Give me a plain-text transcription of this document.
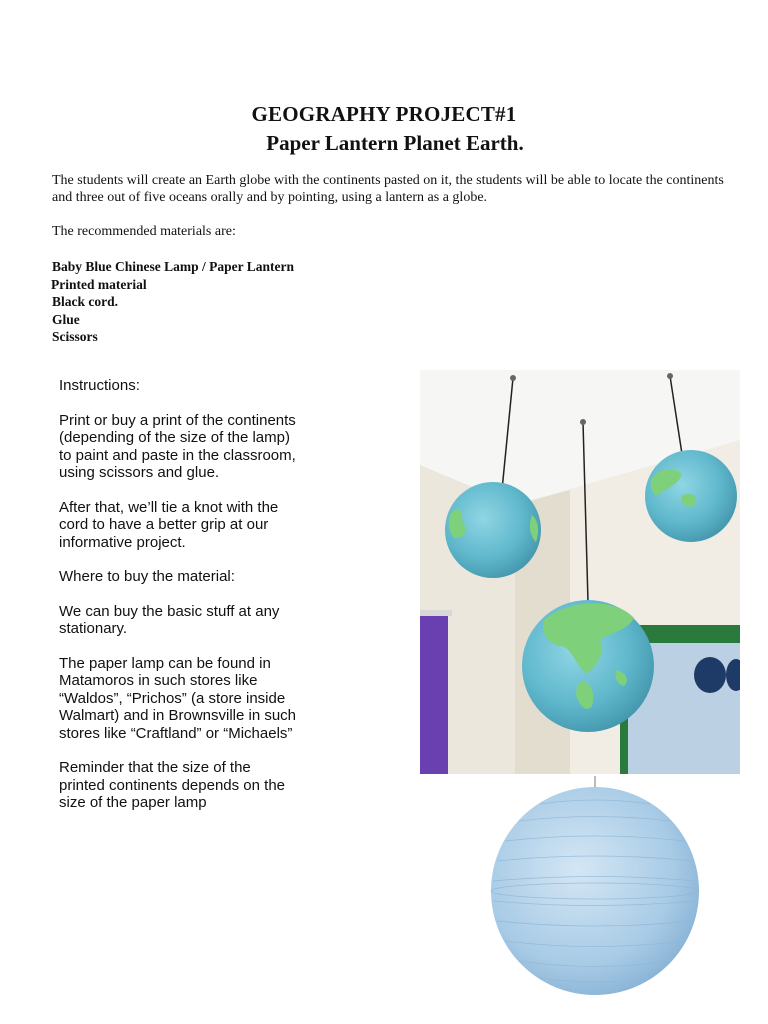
GEOGRAPHY PROJECT#1
Paper Lantern Planet Earth.
The students will create an Earth globe with the continents pasted on it, the students will be able to locate the continents and three out of five oceans orally and by pointing, using a lantern as a globe.
The recommended materials are:
Baby Blue Chinese Lamp / Paper Lantern
Printed material
Black cord.
Glue
Scissors

Instructions:

Print or buy a print of the continents (depending of the size of the lamp) to paint and paste in the classroom, using scissors and glue.

After that, we’ll tie a knot with the cord to have a better grip at our informative project.

Where to buy the material:

We can buy the basic stuff at any stationary.

The paper lamp can be found in Matamoros in such stores like “Waldos”, “Prichos” (a store inside Walmart) and in Brownsville in such stores like “Craftland” or “Michaels”

Reminder that the size of the printed continents depends on the size of the paper lamp
